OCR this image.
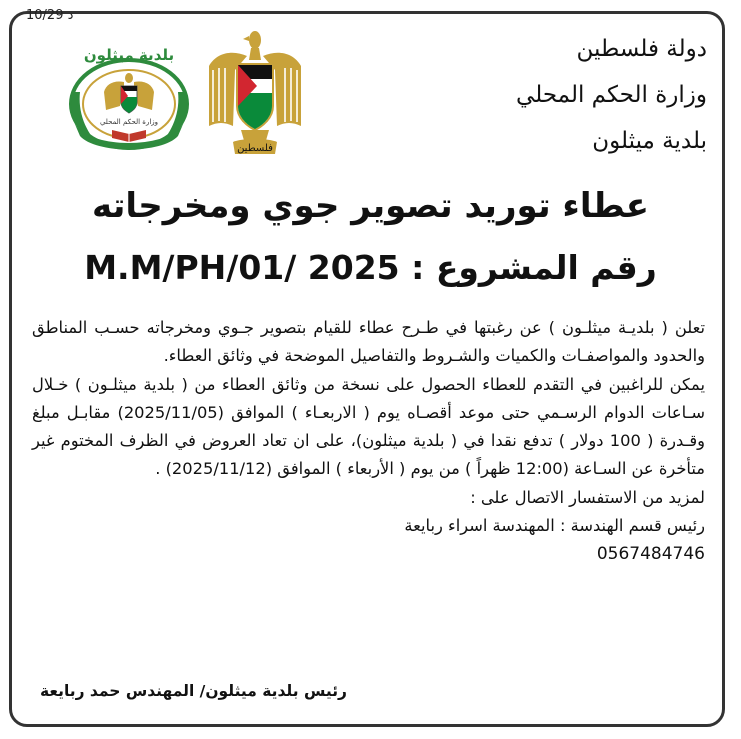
10/29 د
دولة فلسطين
وزارة الحكم المحلي
بلدية ميثلون
فلسطين
بلدية ميثلون
وزارة الحكم المحلي
عطاء توريد تصوير جوي ومخرجاته
رقم المشروع : M.M/PH/01/ 2025

تعلن ( بلديـة ميثلـون ) عن رغبتها في طـرح عطاء للقيام بتصوير جـوي ومخرجاته حسـب المناطق والحدود والمواصفـات والكميات والشـروط والتفاصيل الموضحة في وثائق العطاء.

يمكن للراغبين في التقدم للعطاء الحصول على نسخة من وثائق العطاء من ( بلدية ميثلـون ) خـلال سـاعات الدوام الرسـمي حتى موعد أقصـاه يوم ( الاربعـاء ) الموافق (2025/11/05) مقابـل مبلغ وقـدرة ( 100 دولار ) تدفع نقدا في ( بلدية ميثلون)، على ان تعاد العروض في الظرف المختوم غير متأخرة عن السـاعة (12:00 ظهراً ) من يوم ( الأربعاء ) الموافق (2025/11/12) .

لمزيد من الاستفسار الاتصال على :

رئيس قسم الهندسة : المهندسة اسراء ربايعة

0567484746

رئيس بلدية ميثلون/ المهندس حمد ربايعة
